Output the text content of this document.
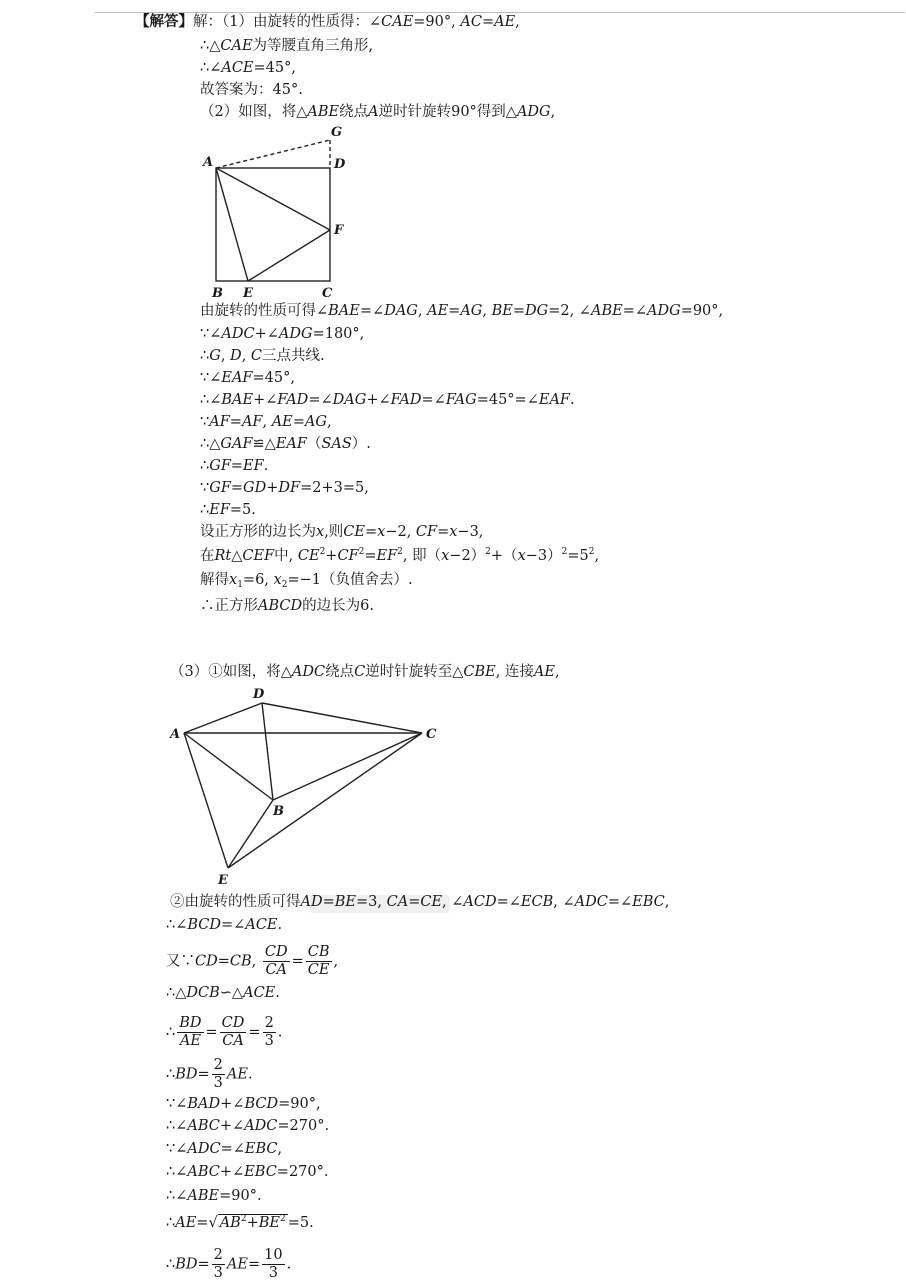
【解答】解：（1）由旋转的性质得：∠CAE=90°, AC=AE,
∴△CAE为等腰直角三角形,
∴∠ACE=45°,
故答案为：45°.
（2）如图，将△ABE绕点A逆时针旋转90°得到△ADG,
A
G
D
F
B E	C
由旋转的性质可得∠BAE=∠DAG, AE=AG, BE=DG=2, ∠ABE=∠ADG=90°,
∵∠ADC+∠ADG=180°,
∴G, D, C三点共线.
∵∠EAF=45°,
∴∠BAE+∠FAD=∠DAG+∠FAD=∠FAG=45°=∠EAF.
∵AF=AF, AE=AG,
∴△GAF≌△EAF（SAS）.
∴GF=EF.
∵GF=GD+DF=2+3=5,
∴EF=5.
设正方形的边长为x,则CE=x−2, CF=x−3,
在Rt△CEF中, $CE^2+CF^2=EF^2$, 即$(x-2)^2+(x-3)^2=5^2$,
解得$x_1=6$, $x_2=-1$（负值舍去）.
∴正方形ABCD的边长为6.
（3）①如图，将△ADC绕点C逆时针旋转至△CBE, 连接AE,
D
A	C
B
E
②由旋转的性质可得AD=BE=3, CA=CE, ∠ACD=∠ECB, ∠ADC=∠EBC,
∴∠BCD=∠ACE.
又∵CD=CB, $\frac{CD}{CA} = \frac{CB}{CE}$ ,
∴△DCB∽△ACE.
∴ $\frac{BD}{AE} = \frac{CD}{CA} = \frac{2}{3}$ .
∴BD= $\frac{2}{3}$ AE.
∵∠BAD+∠BCD=90°,
∴∠ABC+∠ADC=270°.
∵∠ADC=∠EBC,
∴∠ABC+∠EBC=270°.
∴∠ABE=90°.
∴AE=√ $AB^2+BE^2 =5$.
∴BD= $\frac{2}{3} AE= \frac{10}{3}$ .
